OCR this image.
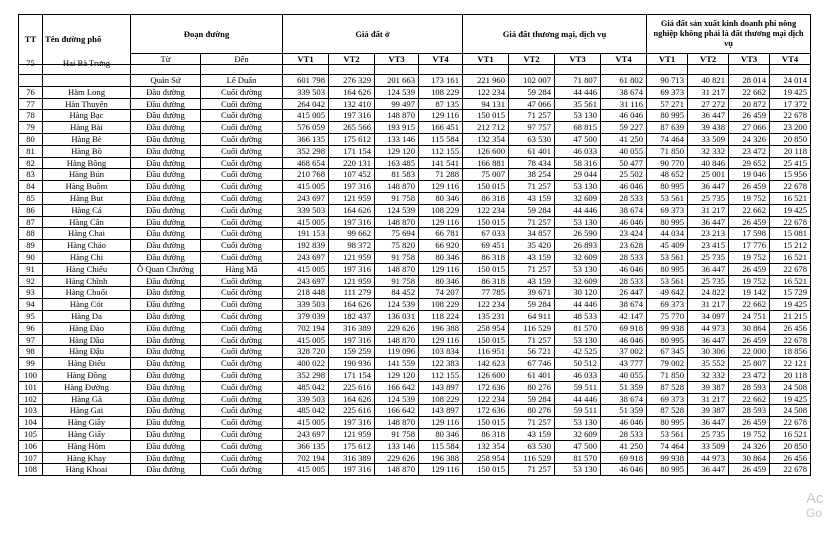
TT	Tên đường phố	Đoạn đường		Giá đất ở				Giá đất thương mại, dịch vụ				Giá đất sản xuất kinh doanh phi nông nghiệp không phải là đất thương mại dịch vụ			
		Từ	Đến	VT1	VT2	VT3	VT4	VT1	VT2	VT3	VT4	VT1	VT2	VT3	VT4

75	Hai Bà Trưng														

		Quán Sứ	Lê Duẩn	601 798	276 329	201 663	173 161	221 960	102 007	71 807	61 802	90 713	40 821	28 014	24 014
76	Hàm Long	Đầu đường	Cuối đường	339 503	164 626	124 539	108 229	122 234	59 284	44 446	38 674	69 373	31 217	22 662	19 425
77	Hàn Thuyên	Đầu đường	Cuối đường	264 042	132 410	99 497	87 135	94 131	47 066	35 561	31 116	57 271	27 272	20 872	17 372
78	Hàng Bạc	Đầu đường	Cuối đường	415 005	197 316	148 870	129 116	150 015	71 257	53 130	46 046	80 995	36 447	26 459	22 678
79	Hàng Bài	Đầu đường	Cuối đường	576 059	265 566	193 915	166 451	212 712	97 757	68 815	59 227	87 639	39 438	27 066	23 200
80	Hàng Bè	Đầu đường	Cuối đường	366 135	175 612	133 146	115 584	132 354	63 530	47 500	41 250	74 464	33 509	24 326	20 850
81	Hàng Bồ	Đầu đường	Cuối đường	352 298	171 154	129 120	112 155	126 600	61 401	46 033	40 055	71 850	32 332	23 472	20 118
82	Hàng Bông	Đầu đường	Cuối đường	468 654	220 131	163 485	141 541	166 881	78 434	58 316	50 477	90 770	40 846	29 652	25 415
83	Hàng Bún	Đầu đường	Cuối đường	210 768	107 452	81 583	71 288	75 007	38 254	29 044	25 502	48 652	25 001	19 046	15 956
84	Hàng Buồm	Đầu đường	Cuối đường	415 005	197 316	148 870	129 116	150 015	71 257	53 130	46 046	80 995	36 447	26 459	22 678
85	Hàng But	Đầu đường	Cuối đường	243 697	121 959	91 758	80 346	86 318	43 159	32 609	28 533	53 561	25 735	19 752	16 521
86	Hàng Cá	Đầu đường	Cuối đường	339 503	164 626	124 539	108 229	122 234	59 284	44 446	38 674	69 373	31 217	22 662	19 425
87	Hàng Cân	Đầu đường	Cuối đường	415 005	197 316	148 870	129 116	150 015	71 257	53 130	46 046	80 995	36 447	26 459	22 678
88	Hàng Chai	Đầu đường	Cuối đường	191 153	99 662	75 694	66 781	67 033	34 857	26 590	23 424	44 034	23 213	17 598	15 081
89	Hàng Cháo	Đầu đường	Cuối đường	192 839	98 372	75 820	66 920	69 451	35 420	26 893	23 628	45 409	23 415	17 776	15 212
90	Hàng Chi	Đầu đường	Cuối đường	243 697	121 959	91 758	80 346	86 318	43 159	32 609	28 533	53 561	25 735	19 752	16 521
91	Hàng Chiếu	Ô Quan Chưởng	Hàng Mã	415 005	197 316	148 870	129 116	150 015	71 257	53 130	46 046	80 995	36 447	26 459	22 678
92	Hàng Chĩnh	Đầu đường	Cuối đường	243 697	121 959	91 758	80 346	86 318	43 159	32 609	28 533	53 561	25 735	19 752	16 521
93	Hàng Chuối	Đầu đường	Cuối đường	218 448	111 279	84 452	74 207	77 785	39 671	30 120	26 447	49 642	24 822	19 142	15 729
94	Hàng Cót	Đầu đường	Cuối đường	339 503	164 626	124 539	108 229	122 234	59 284	44 446	38 674	69 373	31 217	22 662	19 425
95	Hàng Da	Đầu đường	Cuối đường	379 039	182 437	136 031	118 224	135 231	64 911	48 533	42 147	75 770	34 097	24 751	21 215
96	Hàng Đào	Đầu đường	Cuối đường	702 194	316 389	229 626	196 388	258 954	116 529	81 570	69 918	99 938	44 973	30 864	26 456
97	Hàng Dầu	Đầu đường	Cuối đường	415 005	197 316	148 870	129 116	150 015	71 257	53 130	46 046	80 995	36 447	26 459	22 678
98	Hàng Đậu	Đầu đường	Cuối đường	328 720	159 259	119 096	103 834	116 951	56 721	42 525	37 002	67 345	30 306	22 000	18 856
99	Hàng Điếu	Đầu đường	Cuối đường	400 022	190 936	141 559	122 383	142 623	67 746	50 512	43 777	79 002	35 552	25 807	22 121
100	Hàng Đồng	Đầu đường	Cuối đường	352 298	171 154	129 120	112 155	126 600	61 401	46 033	40 055	71 850	32 332	23 472	20 118
101	Hàng Đường	Đầu đường	Cuối đường	485 042	225 616	166 642	143 897	172 636	80 276	59 511	51 359	87 528	39 387	28 593	24 508
102	Hàng Gà	Đầu đường	Cuối đường	339 503	164 626	124 539	108 229	122 234	59 284	44 446	38 674	69 373	31 217	22 662	19 425
103	Hàng Gai	Đầu đường	Cuối đường	485 042	225 616	166 642	143 897	172 636	80 276	59 511	51 359	87 528	39 387	28 593	24 508
104	Hàng Giầy	Đầu đường	Cuối đường	415 005	197 316	148 870	129 116	150 015	71 257	53 130	46 046	80 995	36 447	26 459	22 678
105	Hàng Giấy	Đầu đường	Cuối đường	243 697	121 959	91 758	80 346	86 318	43 159	32 609	28 533	53 561	25 735	19 752	16 521
106	Hàng Hòm	Đầu đường	Cuối đường	366 135	175 612	133 146	115 584	132 354	63 530	47 500	41 250	74 464	33 509	24 326	20 850
107	Hàng Khay	Đầu đường	Cuối đường	702 194	316 389	229 626	196 388	258 954	116 529	81 570	69 918	99 938	44 973	30 864	26 456
108	Hàng Khoai	Đầu đường	Cuối đường	415 005	197 316	148 870	129 116	150 015	71 257	53 130	46 046	80 995	36 447	26 459	22 678
Ac
Go
